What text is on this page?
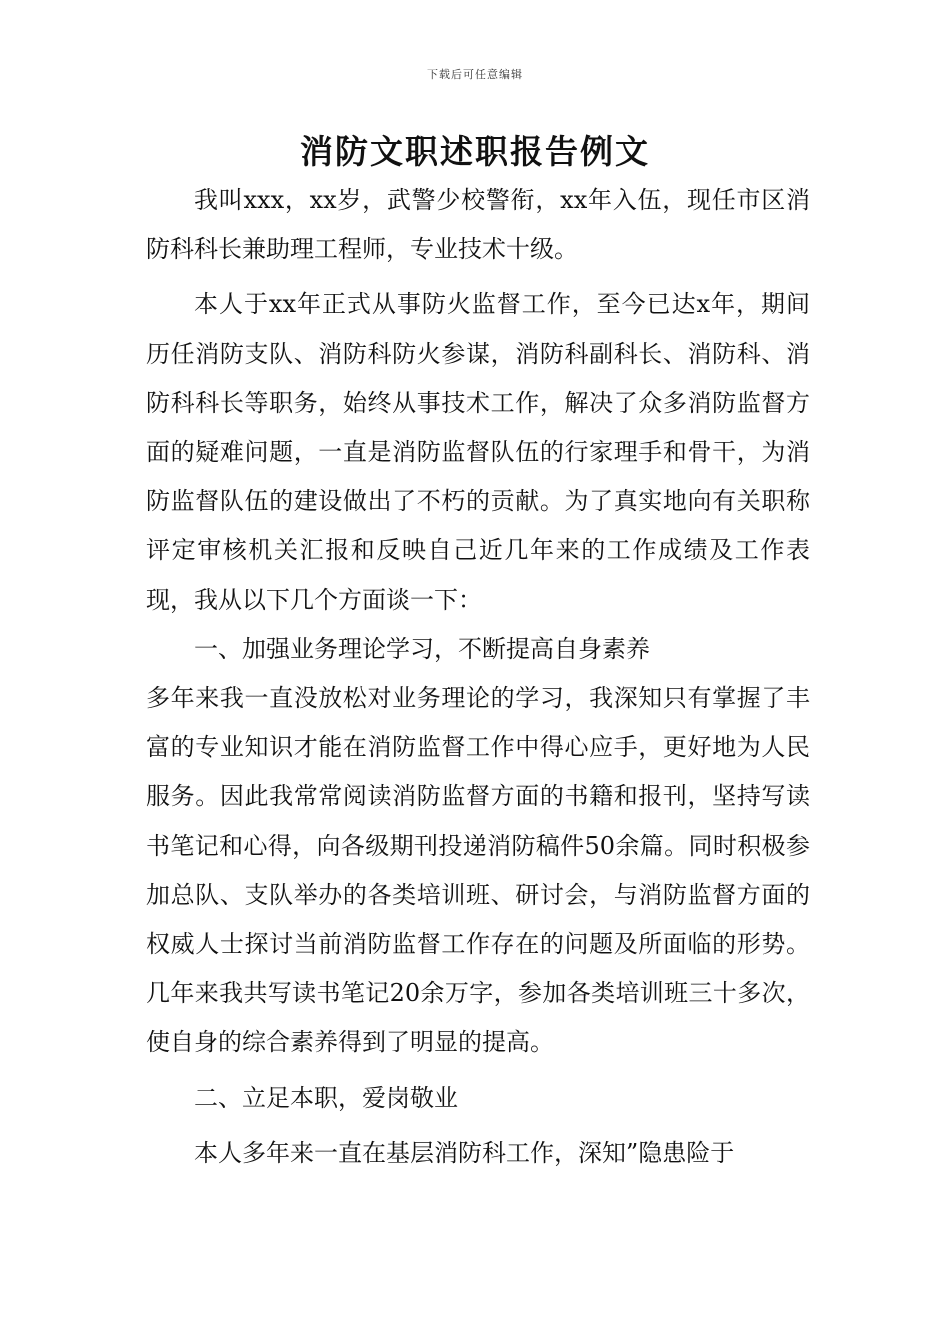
下载后可任意编辑
消防文职述职报告例文

我叫xxx，xx岁，武警少校警衔，xx年入伍，现任市区消防科科长兼助理工程师，专业技术十级。

本人于xx年正式从事防火监督工作，至今已达x年，期间历任消防支队、消防科防火参谋，消防科副科长、消防科、消防科科长等职务，始终从事技术工作，解决了众多消防监督方面的疑难问题，一直是消防监督队伍的行家理手和骨干，为消防监督队伍的建设做出了不朽的贡献。为了真实地向有关职称评定审核机关汇报和反映自己近几年来的工作成绩及工作表现，我从以下几个方面谈一下：

一、加强业务理论学习，不断提高自身素养

多年来我一直没放松对业务理论的学习，我深知只有掌握了丰富的专业知识才能在消防监督工作中得心应手，更好地为人民服务。因此我常常阅读消防监督方面的书籍和报刊，坚持写读书笔记和心得，向各级期刊投递消防稿件50余篇。同时积极参加总队、支队举办的各类培训班、研讨会，与消防监督方面的权威人士探讨当前消防监督工作存在的问题及所面临的形势。几年来我共写读书笔记20余万字，参加各类培训班三十多次，使自身的综合素养得到了明显的提高。

二、立足本职，爱岗敬业

本人多年来一直在基层消防科工作，深知”隐患险于
